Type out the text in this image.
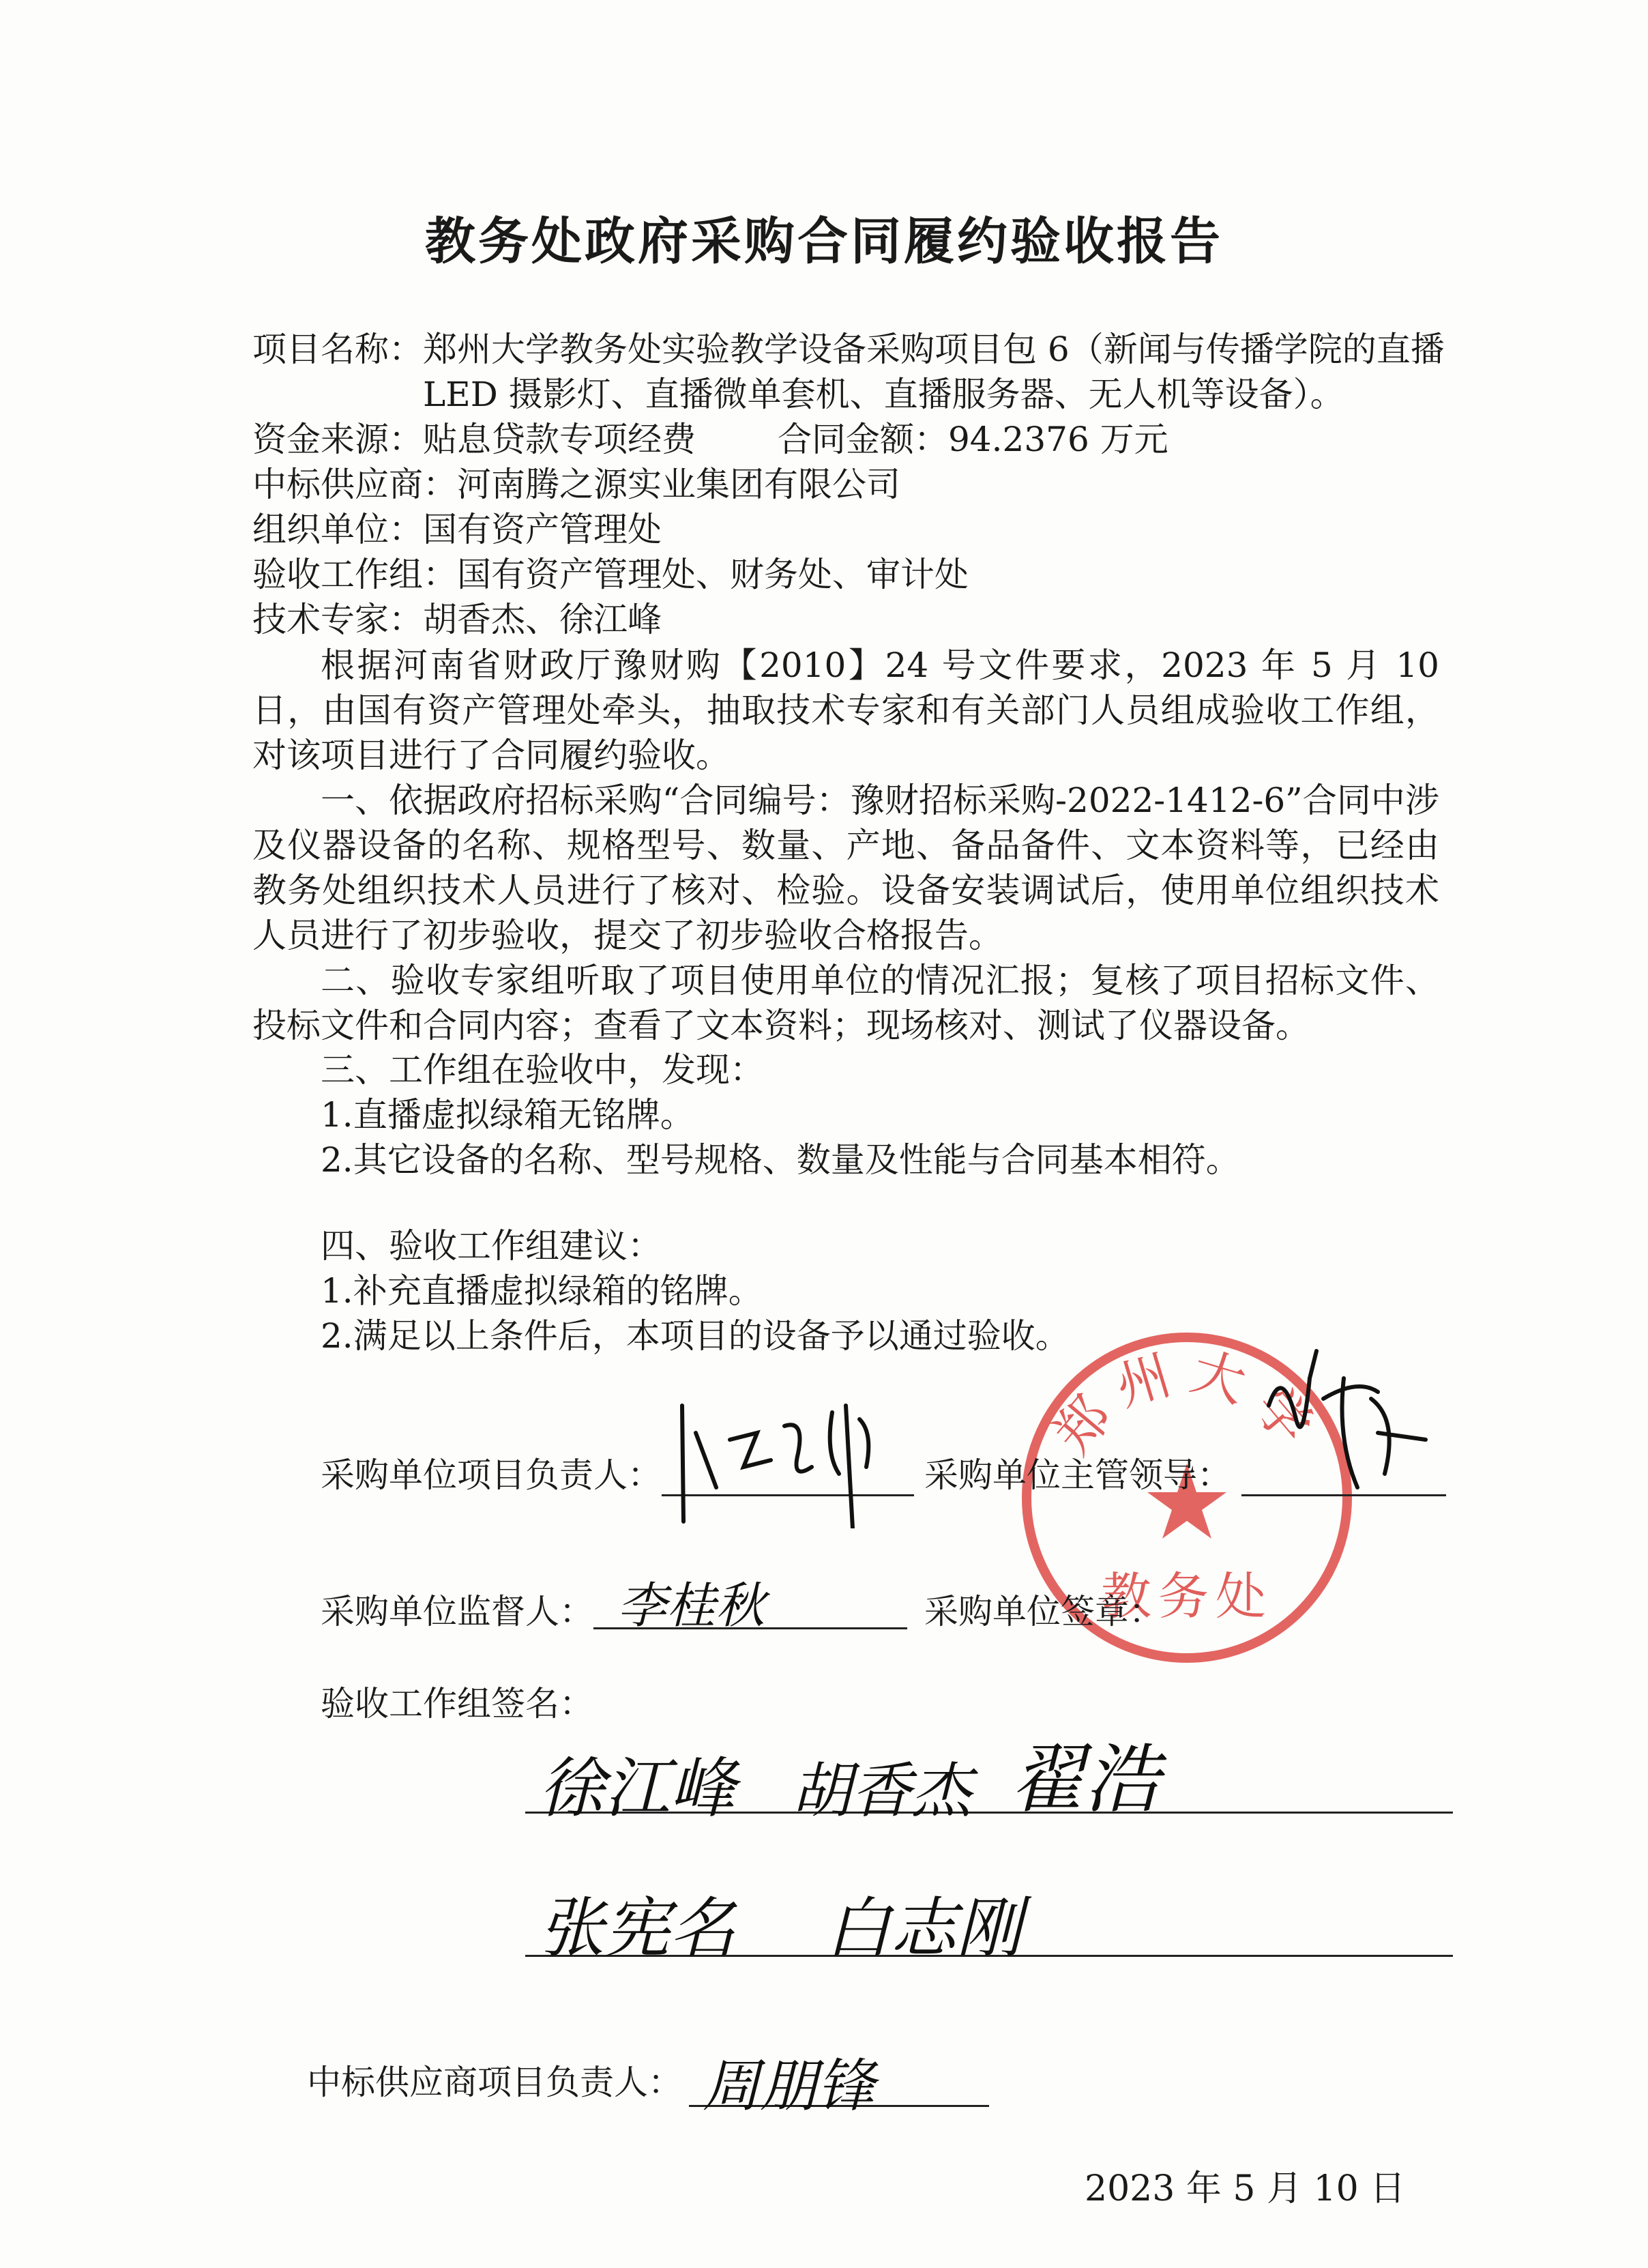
教务处政府采购合同履约验收报告
项目名称：郑州大学教务处实验教学设备采购项目包 6（新闻与传播学院的直播
LED 摄影灯、直播微单套机、直播服务器、无人机等设备）。
资金来源：贴息贷款专项经费 合同金额：94.2376 万元
中标供应商：河南腾之源实业集团有限公司
组织单位：国有资产管理处
验收工作组：国有资产管理处、财务处、审计处
技术专家：胡香杰、徐江峰
根据河南省财政厅豫财购【2010】24 号文件要求，2023 年 5 月 10 日，由国有资产管理处牵头，抽取技术专家和有关部门人员组成验收工作组，对该项目进行了合同履约验收。
一、依据政府招标采购“合同编号：豫财招标采购-2022-1412-6”合同中涉及仪器设备的名称、规格型号、数量、产地、备品备件、文本资料等，已经由教务处组织技术人员进行了核对、检验。设备安装调试后，使用单位组织技术人员进行了初步验收，提交了初步验收合格报告。
二、验收专家组听取了项目使用单位的情况汇报；复核了项目招标文件、投标文件和合同内容；查看了文本资料；现场核对、测试了仪器设备。
三、工作组在验收中，发现：
1.直播虚拟绿箱无铭牌。
2.其它设备的名称、型号规格、数量及性能与合同基本相符。
四、验收工作组建议：
1.补充直播虚拟绿箱的铭牌。
2.满足以上条件后，本项目的设备予以通过验收。
郑州大学
教务处
采购单位项目负责人：	采购单位主管领导：
采购单位监督人： 李桂秋	采购单位签章：
验收工作组签名：
徐江峰 胡香杰 翟浩
张宪名 白志刚
中标供应商项目负责人： 周朋锋
2023 年 5 月 10 日
